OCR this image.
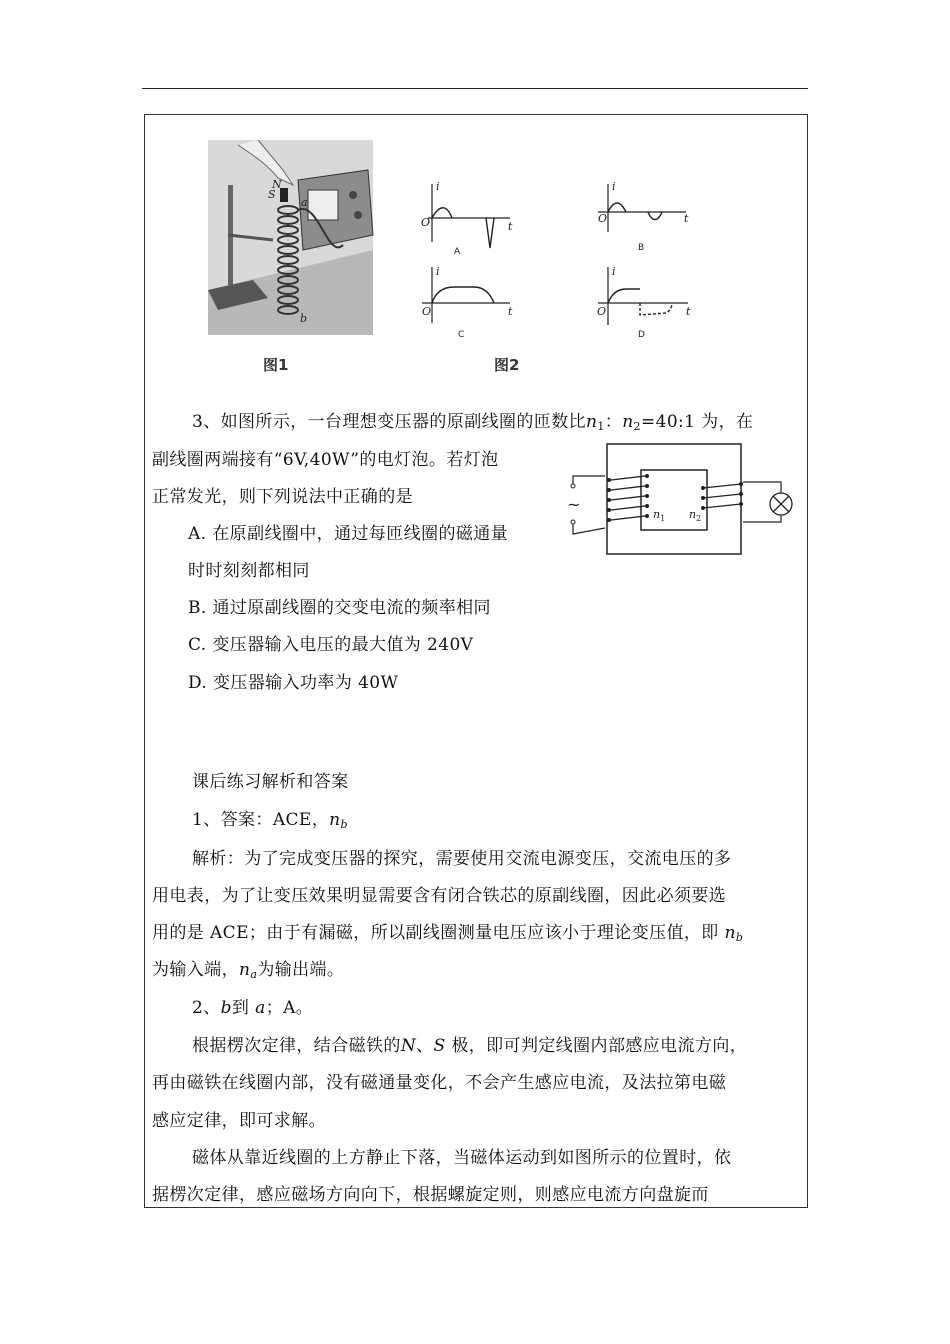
S
N
a
b
图1
i
t
O
A
i
t
O
B
i
t
O
C
i
t
O
D
图2
3、如图所示，一台理想变压器的原副线圈的匝数比n1：n2=40:1 为，在
副线圈两端接有“6V,40W”的电灯泡。若灯泡
正常发光，则下列说法中正确的是
A. 在原副线圈中，通过每匝线圈的磁通量
时时刻刻都相同
B. 通过原副线圈的交变电流的频率相同
C. 变压器输入电压的最大值为 240V
D. 变压器输入功率为 40W
~
$n_1$ $n_2$
课后练习解析和答案
1、答案：ACE，$n_b$
解析：为了完成变压器的探究，需要使用交流电源变压，交流电压的多
用电表，为了让变压效果明显需要含有闭合铁芯的原副线圈，因此必须要选
用的是 ACE；由于有漏磁，所以副线圈测量电压应该小于理论变压值，即 $n_b$
为输入端，$n_a$为输出端。
2、b到 a；A。
根据楞次定律，结合磁铁的N、S 极，即可判定线圈内部感应电流方向，
再由磁铁在线圈内部，没有磁通量变化，不会产生感应电流，及法拉第电磁
感应定律，即可求解。
磁体从靠近线圈的上方静止下落，当磁体运动到如图所示的位置时，依
据楞次定律，感应磁场方向向下，根据螺旋定则，则感应电流方向盘旋而
